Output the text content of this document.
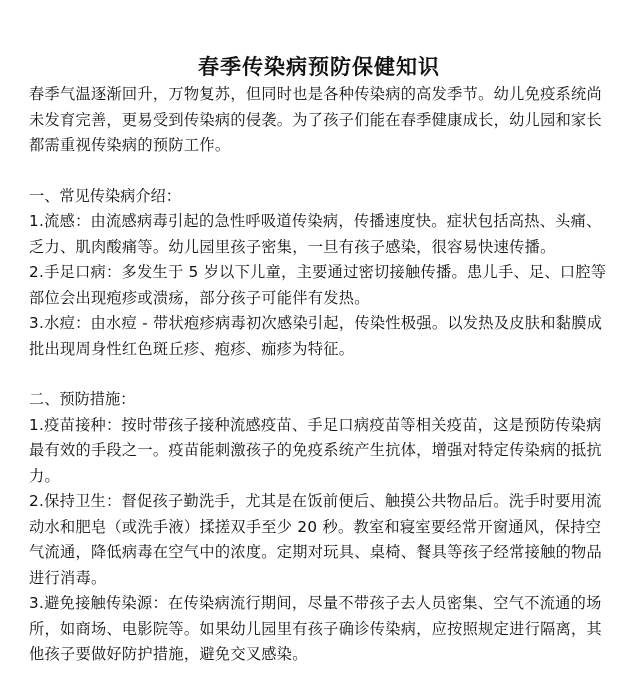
春季传染病预防保健知识

春季气温逐渐回升，万物复苏，但同时也是各种传染病的高发季节。幼儿免疫系统尚未发育完善，更易受到传染病的侵袭。为了孩子们能在春季健康成长，幼儿园和家长都需重视传染病的预防工作。

一、常见传染病介绍：

1.流感：由流感病毒引起的急性呼吸道传染病，传播速度快。症状包括高热、头痛、乏力、肌肉酸痛等。幼儿园里孩子密集，一旦有孩子感染，很容易快速传播。

2.手足口病：多发生于 5 岁以下儿童，主要通过密切接触传播。患儿手、足、口腔等部位会出现疱疹或溃疡，部分孩子可能伴有发热。

3.水痘：由水痘 - 带状疱疹病毒初次感染引起，传染性极强。以发热及皮肤和黏膜成批出现周身性红色斑丘疹、疱疹、痂疹为特征。

二、预防措施：

1.疫苗接种：按时带孩子接种流感疫苗、手足口病疫苗等相关疫苗，这是预防传染病最有效的手段之一。疫苗能刺激孩子的免疫系统产生抗体，增强对特定传染病的抵抗力。

2.保持卫生：督促孩子勤洗手，尤其是在饭前便后、触摸公共物品后。洗手时要用流动水和肥皂（或洗手液）揉搓双手至少 20 秒。教室和寝室要经常开窗通风，保持空气流通，降低病毒在空气中的浓度。定期对玩具、桌椅、餐具等孩子经常接触的物品进行消毒。

3.避免接触传染源：在传染病流行期间，尽量不带孩子去人员密集、空气不流通的场所，如商场、电影院等。如果幼儿园里有孩子确诊传染病，应按照规定进行隔离，其他孩子要做好防护措施，避免交叉感染。
